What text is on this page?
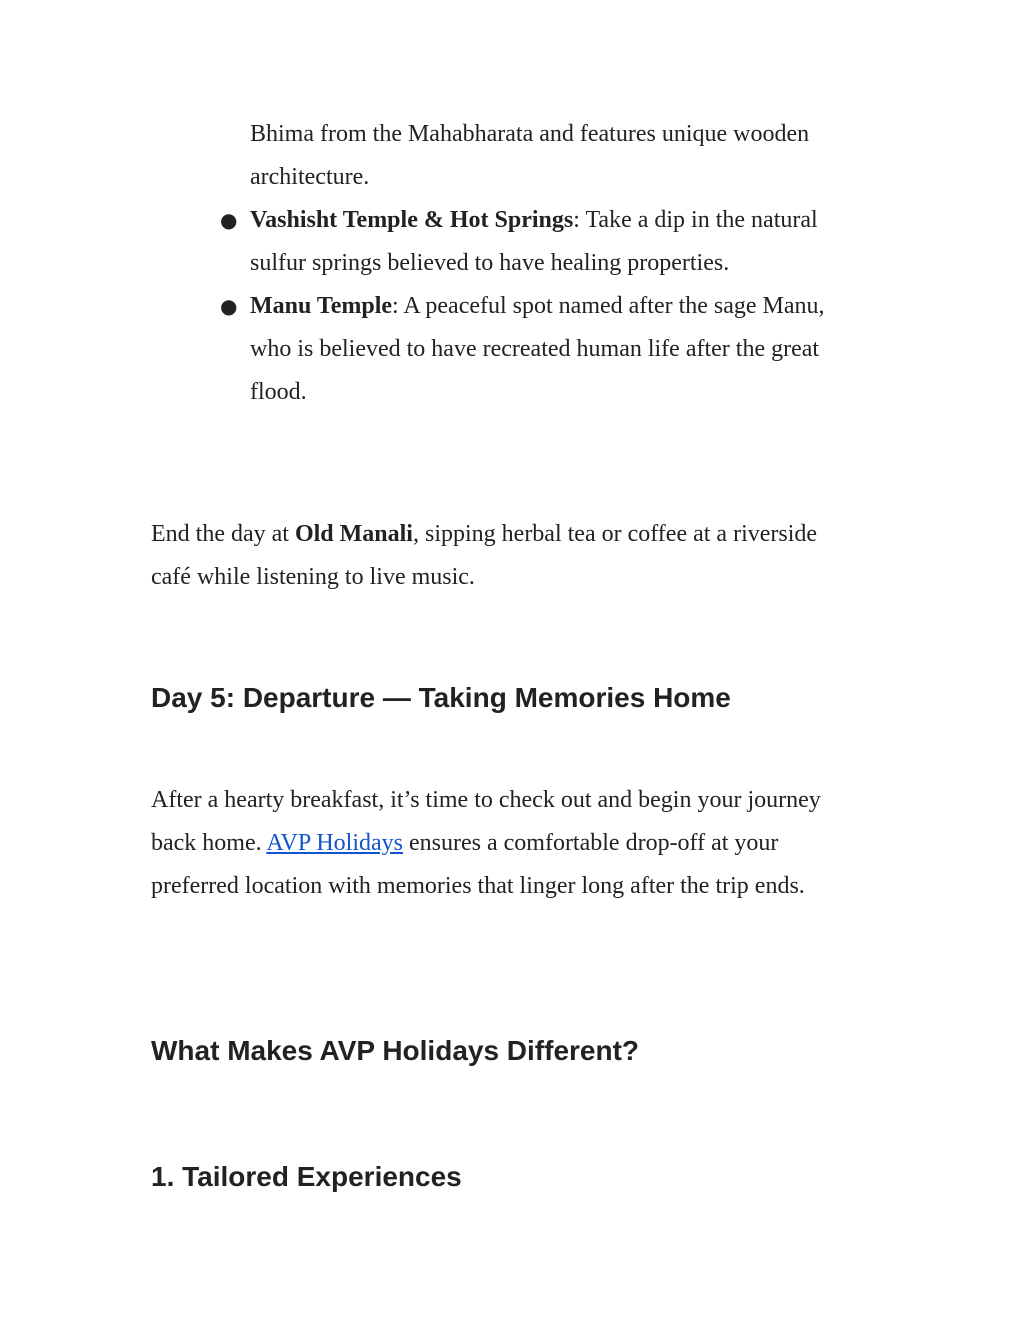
Bhima from the Mahabharata and features unique wooden architecture.
● Vashisht Temple & Hot Springs: Take a dip in the natural sulfur springs believed to have healing properties.
● Manu Temple: A peaceful spot named after the sage Manu, who is believed to have recreated human life after the great flood.

End the day at Old Manali, sipping herbal tea or coffee at a riverside café while listening to live music.

Day 5: Departure — Taking Memories Home

After a hearty breakfast, it’s time to check out and begin your journey back home. AVP Holidays ensures a comfortable drop-off at your preferred location with memories that linger long after the trip ends.

What Makes AVP Holidays Different?
1. Tailored Experiences
